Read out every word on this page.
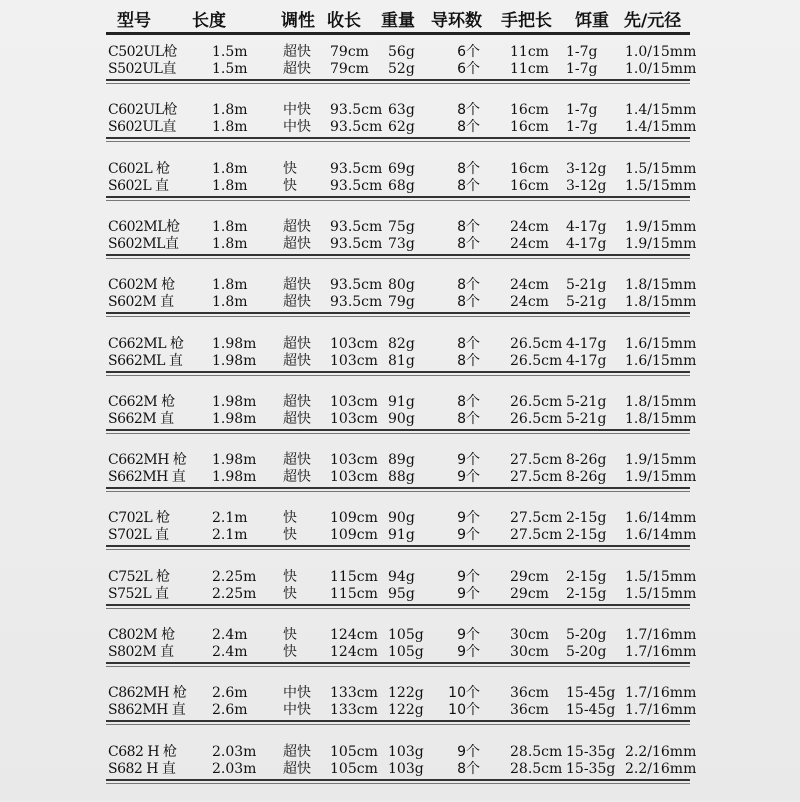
型号 长度	调性 收长 重量 导环数 手把长 饵重 先/元径
C502UL枪 1.5m	超快 79cm 56g	6个 11cm 1-7g 1.0/15mm
S502UL直	1.5m	超快 79cm 52g	6个 11cm 1-7g 1.0/15mm
C602UL枪 1.8m	中快 93.5cm 63g	8个 16cm 1-7g 1.4/15mm
S602UL直	1.8m	中快 93.5cm 62g	8个 16cm 1-7g 1.4/15mm
C602L 枪	1.8m	快 93.5cm 69g	8个 16cm 3-12g 1.5/15mm
S602L 直	1.8m	快 93.5cm 68g	8个 16cm 3-12g 1.5/15mm
C602ML枪 1.8m	超快 93.5cm 75g	8个 24cm 4-17g 1.9/15mm
S602ML直 1.8m	超快 93.5cm 73g	8个 24cm 4-17g 1.9/15mm
C602M 枪	1.8m	超快 93.5cm 80g	8个 24cm 5-21g 1.8/15mm
S602M 直	1.8m	超快 93.5cm 79g	8个 24cm 5-21g 1.8/15mm
C662ML 枪 1.98m 超快 103cm 82g	8个 26.5cm 4-17g 1.6/15mm
S662ML 直 1.98m 超快 103cm 81g	8个 26.5cm 4-17g 1.6/15mm
C662M 枪	1.98m 超快 103cm 91g	8个 26.5cm 5-21g 1.8/15mm
S662M 直	1.98m 超快 103cm 90g	8个 26.5cm 5-21g 1.8/15mm
C662MH 枪 1.98m 超快 103cm 89g	9个 27.5cm 8-26g 1.9/15mm
S662MH 直 1.98m 超快 103cm 88g	9个 27.5cm 8-26g 1.9/15mm
C702L 枪	2.1m	快 109cm 90g	9个 27.5cm 2-15g 1.6/14mm
S702L 直	2.1m	快 109cm 91g	9个 27.5cm 2-15g 1.6/14mm
C752L 枪	2.25m 快 115cm 94g	9个 29cm 2-15g 1.5/15mm
S752L 直	2.25m 快 115cm 95g	9个 29cm 2-15g 1.5/15mm
C802M 枪	2.4m	快 124cm 105g	9个 30cm 5-20g 1.7/16mm
S802M 直	2.4m	快 124cm 105g	9个 30cm 5-20g 1.7/16mm
C862MH 枪 2.6m	中快 133cm 122g	10个 36cm 15-45g 1.7/16mm
S862MH 直 2.6m	中快 133cm 122g	10个 36cm 15-45g 1.7/16mm
C682 H 枪	2.03m 超快 105cm 103g	9个 28.5cm 15-35g 2.2/16mm
S682 H 直	2.03m 超快 105cm 103g	8个 28.5cm 15-35g 2.2/16mm
